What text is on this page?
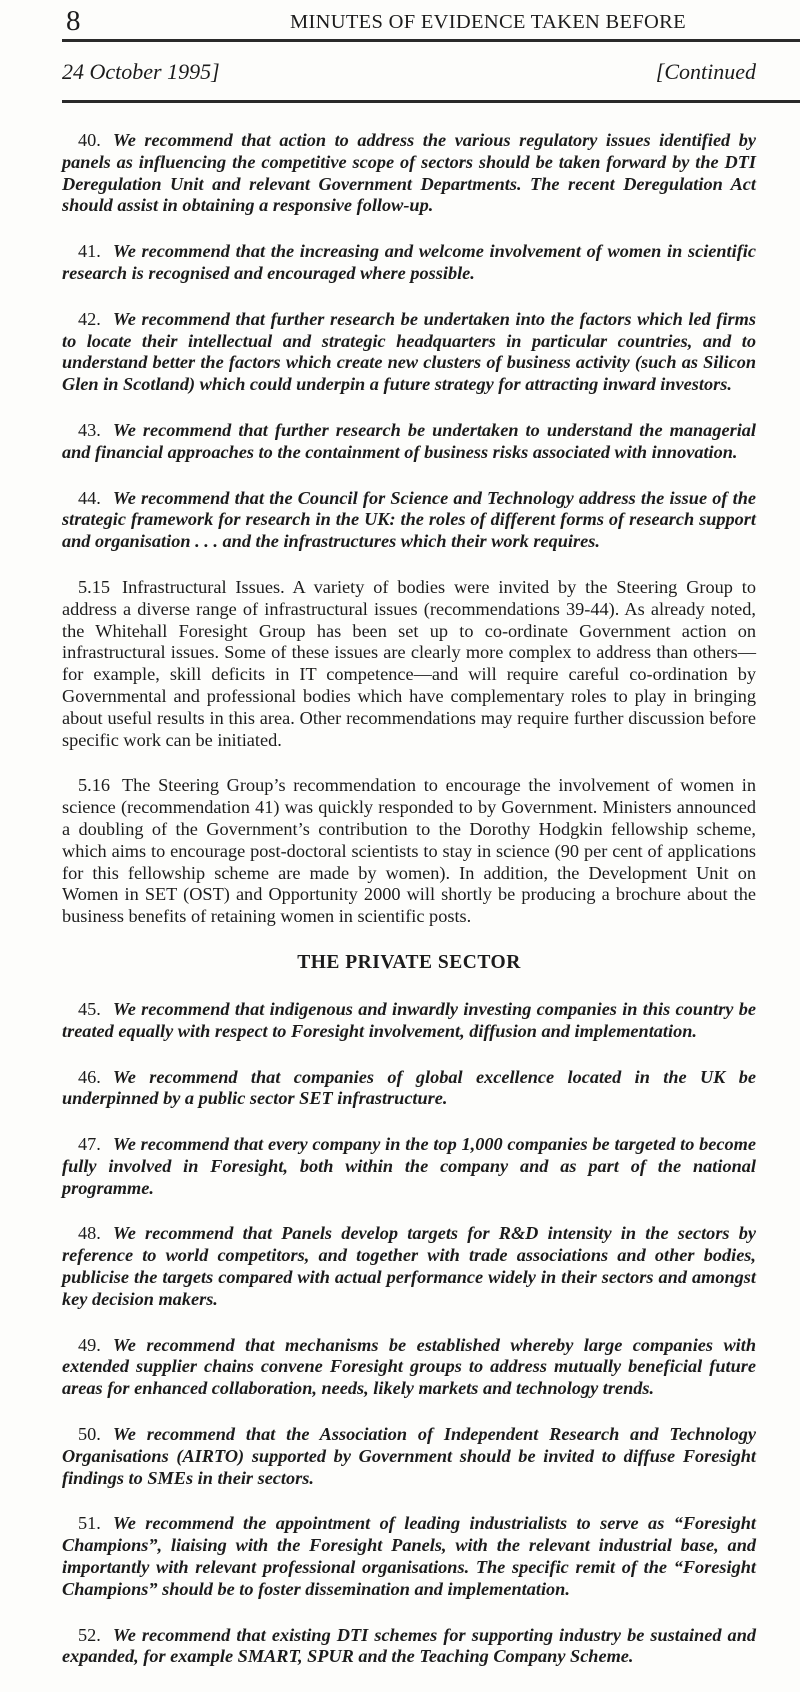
8	MINUTES OF EVIDENCE TAKEN BEFORE
24 October 1995]	[Continued

40. We recommend that action to address the various regulatory issues identified by panels as influencing the competitive scope of sectors should be taken forward by the DTI Deregulation Unit and relevant Government Departments. The recent Deregulation Act should assist in obtaining a responsive follow-up.

41. We recommend that the increasing and welcome involvement of women in scientific research is recognised and encouraged where possible.

42. We recommend that further research be undertaken into the factors which led firms to locate their intellectual and strategic headquarters in particular countries, and to understand better the factors which create new clusters of business activity (such as Silicon Glen in Scotland) which could underpin a future strategy for attracting inward investors.

43. We recommend that further research be undertaken to understand the managerial and financial approaches to the containment of business risks associated with innovation.

44. We recommend that the Council for Science and Technology address the issue of the strategic framework for research in the UK: the roles of different forms of research support and organisation . . . and the infrastructures which their work requires.

5.15 Infrastructural Issues. A variety of bodies were invited by the Steering Group to address a diverse range of infrastructural issues (recommendations 39-44). As already noted, the Whitehall Foresight Group has been set up to co-ordinate Government action on infrastructural issues. Some of these issues are clearly more complex to address than others—for example, skill deficits in IT competence—and will require careful co-ordination by Governmental and professional bodies which have complementary roles to play in bringing about useful results in this area. Other recommendations may require further discussion before specific work can be initiated.

5.16 The Steering Group’s recommendation to encourage the involvement of women in science (recommendation 41) was quickly responded to by Government. Ministers announced a doubling of the Government’s contribution to the Dorothy Hodgkin fellowship scheme, which aims to encourage post-doctoral scientists to stay in science (90 per cent of applications for this fellowship scheme are made by women). In addition, the Development Unit on Women in SET (OST) and Opportunity 2000 will shortly be producing a brochure about the business benefits of retaining women in scientific posts.

THE PRIVATE SECTOR

45. We recommend that indigenous and inwardly investing companies in this country be treated equally with respect to Foresight involvement, diffusion and implementation.

46. We recommend that companies of global excellence located in the UK be underpinned by a public sector SET infrastructure.

47. We recommend that every company in the top 1,000 companies be targeted to become fully involved in Foresight, both within the company and as part of the national programme.

48. We recommend that Panels develop targets for R&D intensity in the sectors by reference to world competitors, and together with trade associations and other bodies, publicise the targets compared with actual performance widely in their sectors and amongst key decision makers.

49. We recommend that mechanisms be established whereby large companies with extended supplier chains convene Foresight groups to address mutually beneficial future areas for enhanced collaboration, needs, likely markets and technology trends.

50. We recommend that the Association of Independent Research and Technology Organisations (AIRTO) supported by Government should be invited to diffuse Foresight findings to SMEs in their sectors.

51. We recommend the appointment of leading industrialists to serve as “Foresight Champions”, liaising with the Foresight Panels, with the relevant industrial base, and importantly with relevant professional organisations. The specific remit of the “Foresight Champions” should be to foster dissemination and implementation.

52. We recommend that existing DTI schemes for supporting industry be sustained and expanded, for example SMART, SPUR and the Teaching Company Scheme.
